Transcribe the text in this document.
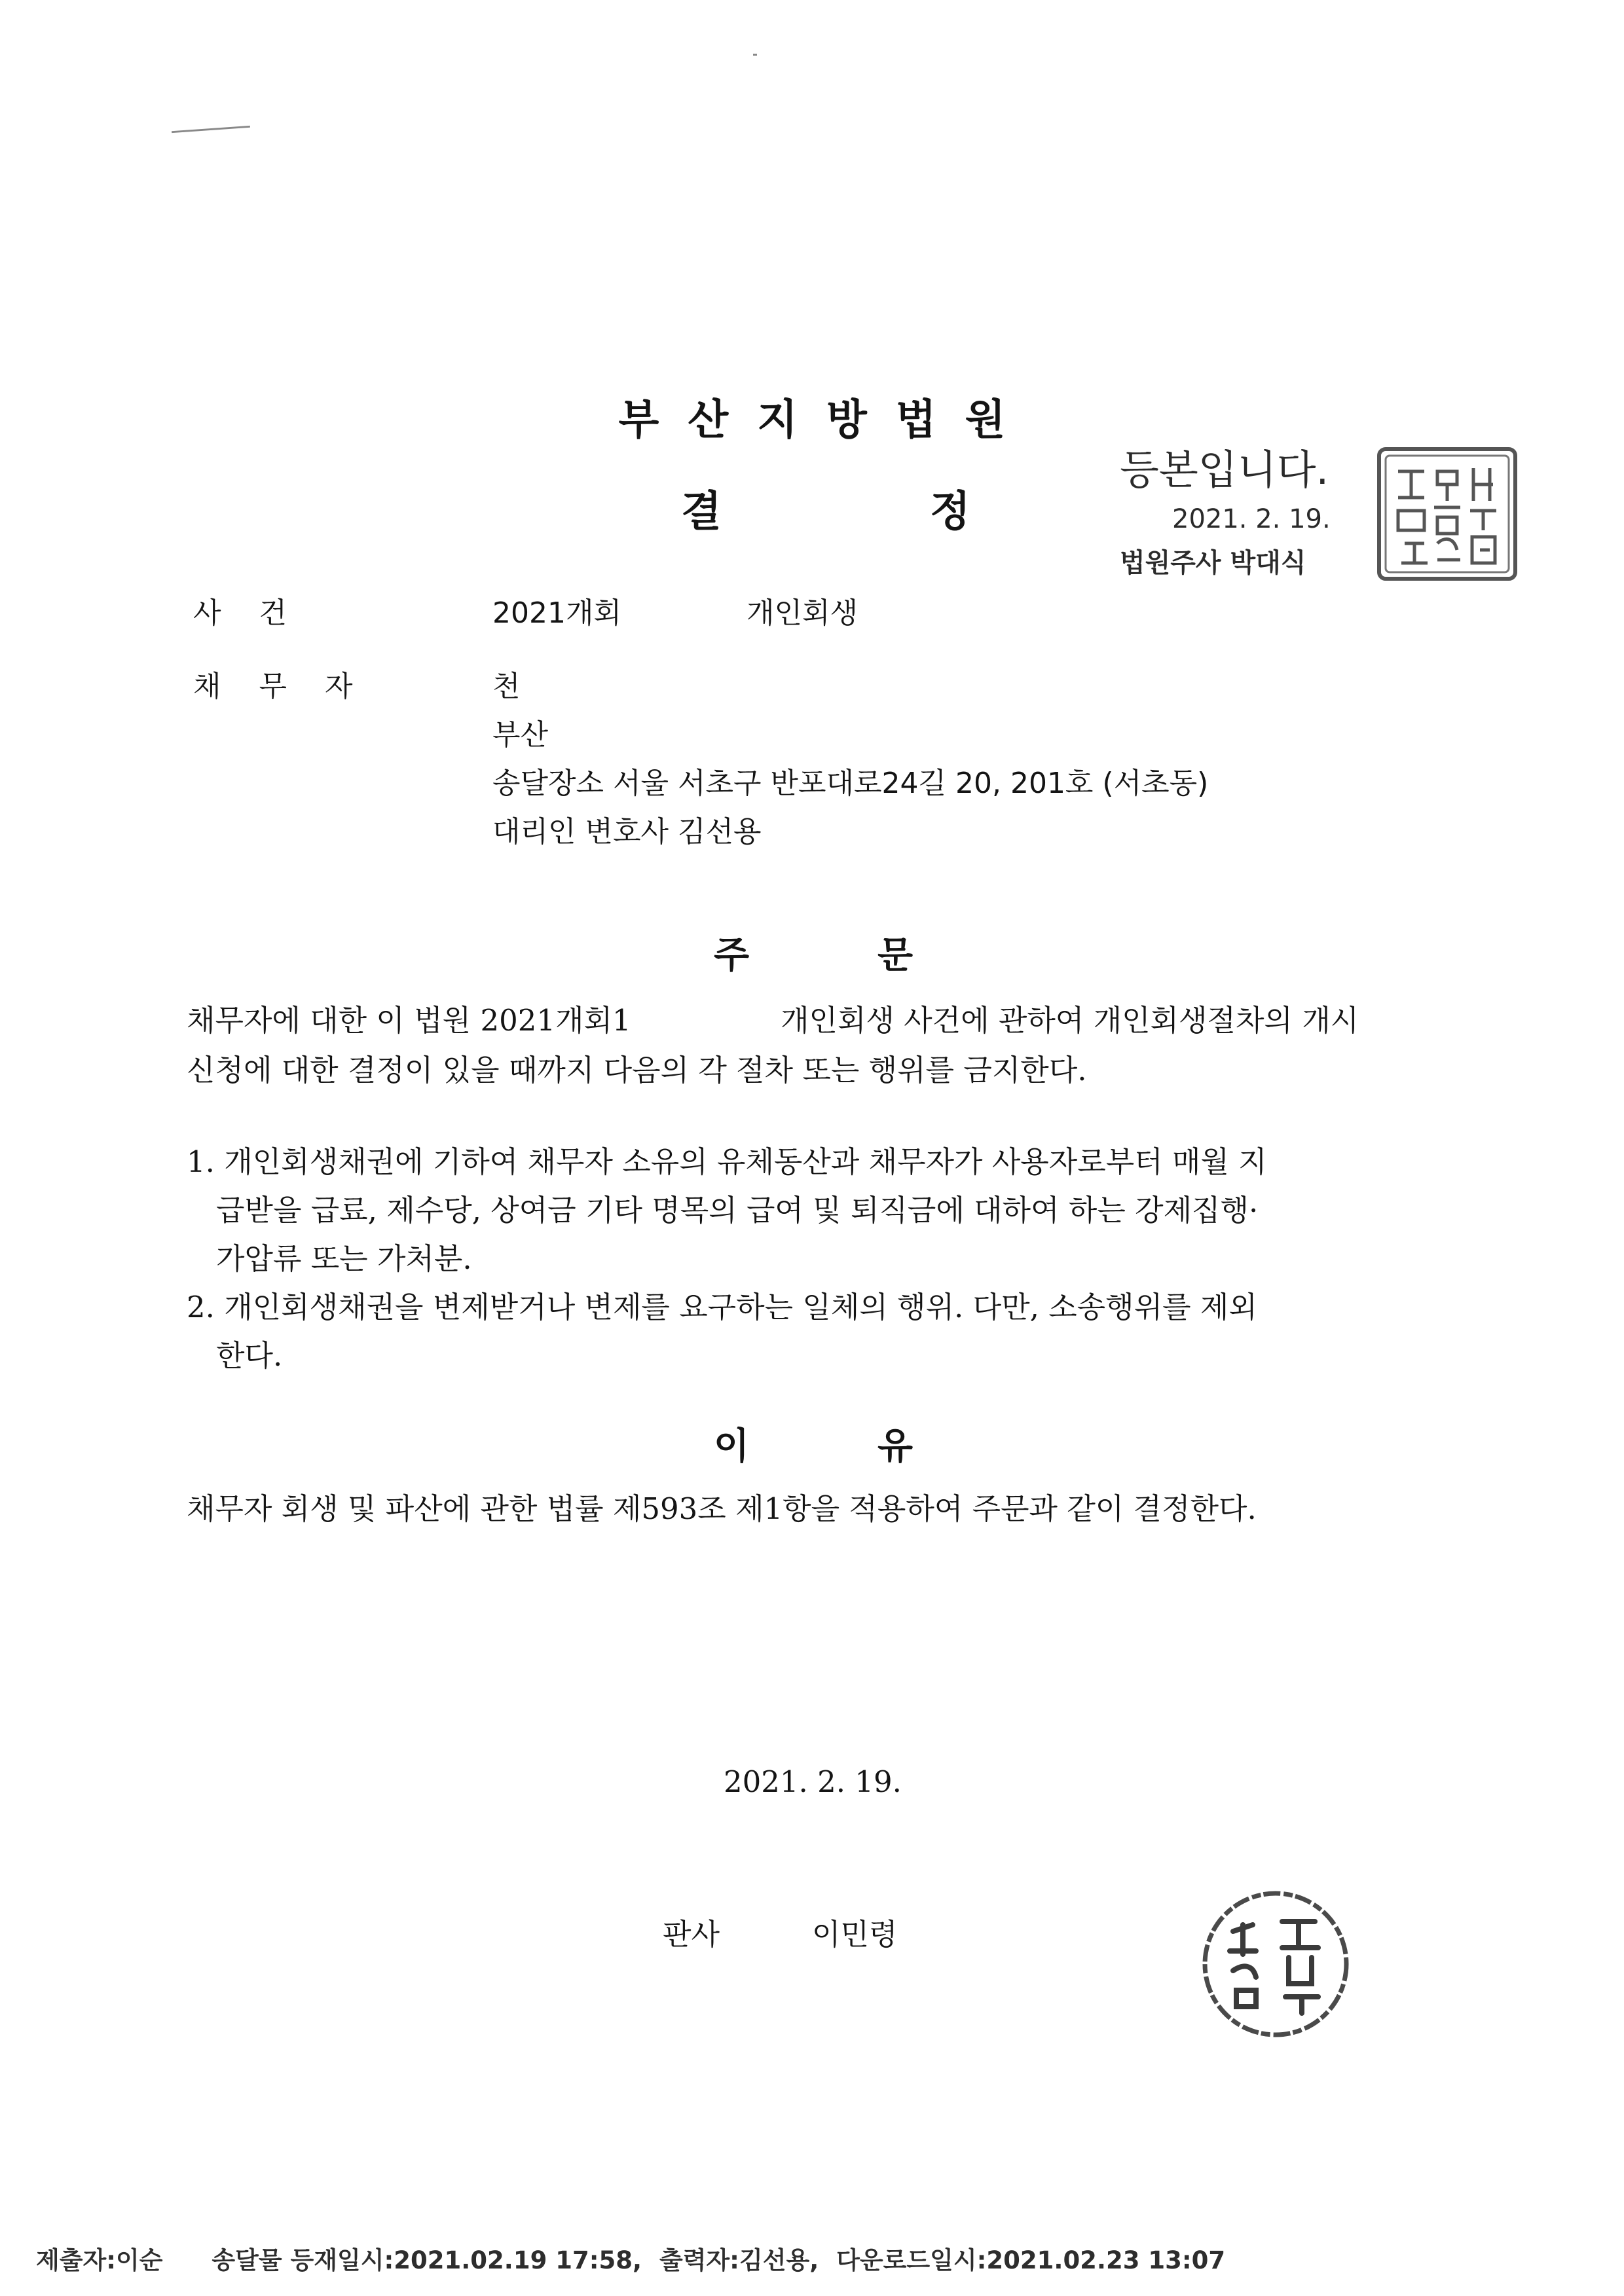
부산지방법원
결	정
등본입니다.
2021. 2. 19.
법원주사 박대식
사건	2021개회	개인회생
채무자	천
부산
송달장소 서울 서초구 반포대로24길 20, 201호 (서초동)
대리인 변호사 김선용
주	문
채무자에 대한 이 법원 2021개회1	개인회생 사건에 관하여 개인회생절차의 개시
신청에 대한 결정이 있을 때까지 다음의 각 절차 또는 행위를 금지한다.
1. 개인회생채권에 기하여 채무자 소유의 유체동산과 채무자가 사용자로부터 매월 지
급받을 급료, 제수당, 상여금 기타 명목의 급여 및 퇴직금에 대하여 하는 강제집행·
가압류 또는 가처분.
2. 개인회생채권을 변제받거나 변제를 요구하는 일체의 행위. 다만, 소송행위를 제외
한다.
이	유
채무자 회생 및 파산에 관한 법률 제593조 제1항을 적용하여 주문과 같이 결정한다.
2021. 2. 19.
판사	이민령
제출자:이순 송달물 등재일시:2021.02.19 17:58, 출력자:김선용, 다운로드일시:2021.02.23 13:07
